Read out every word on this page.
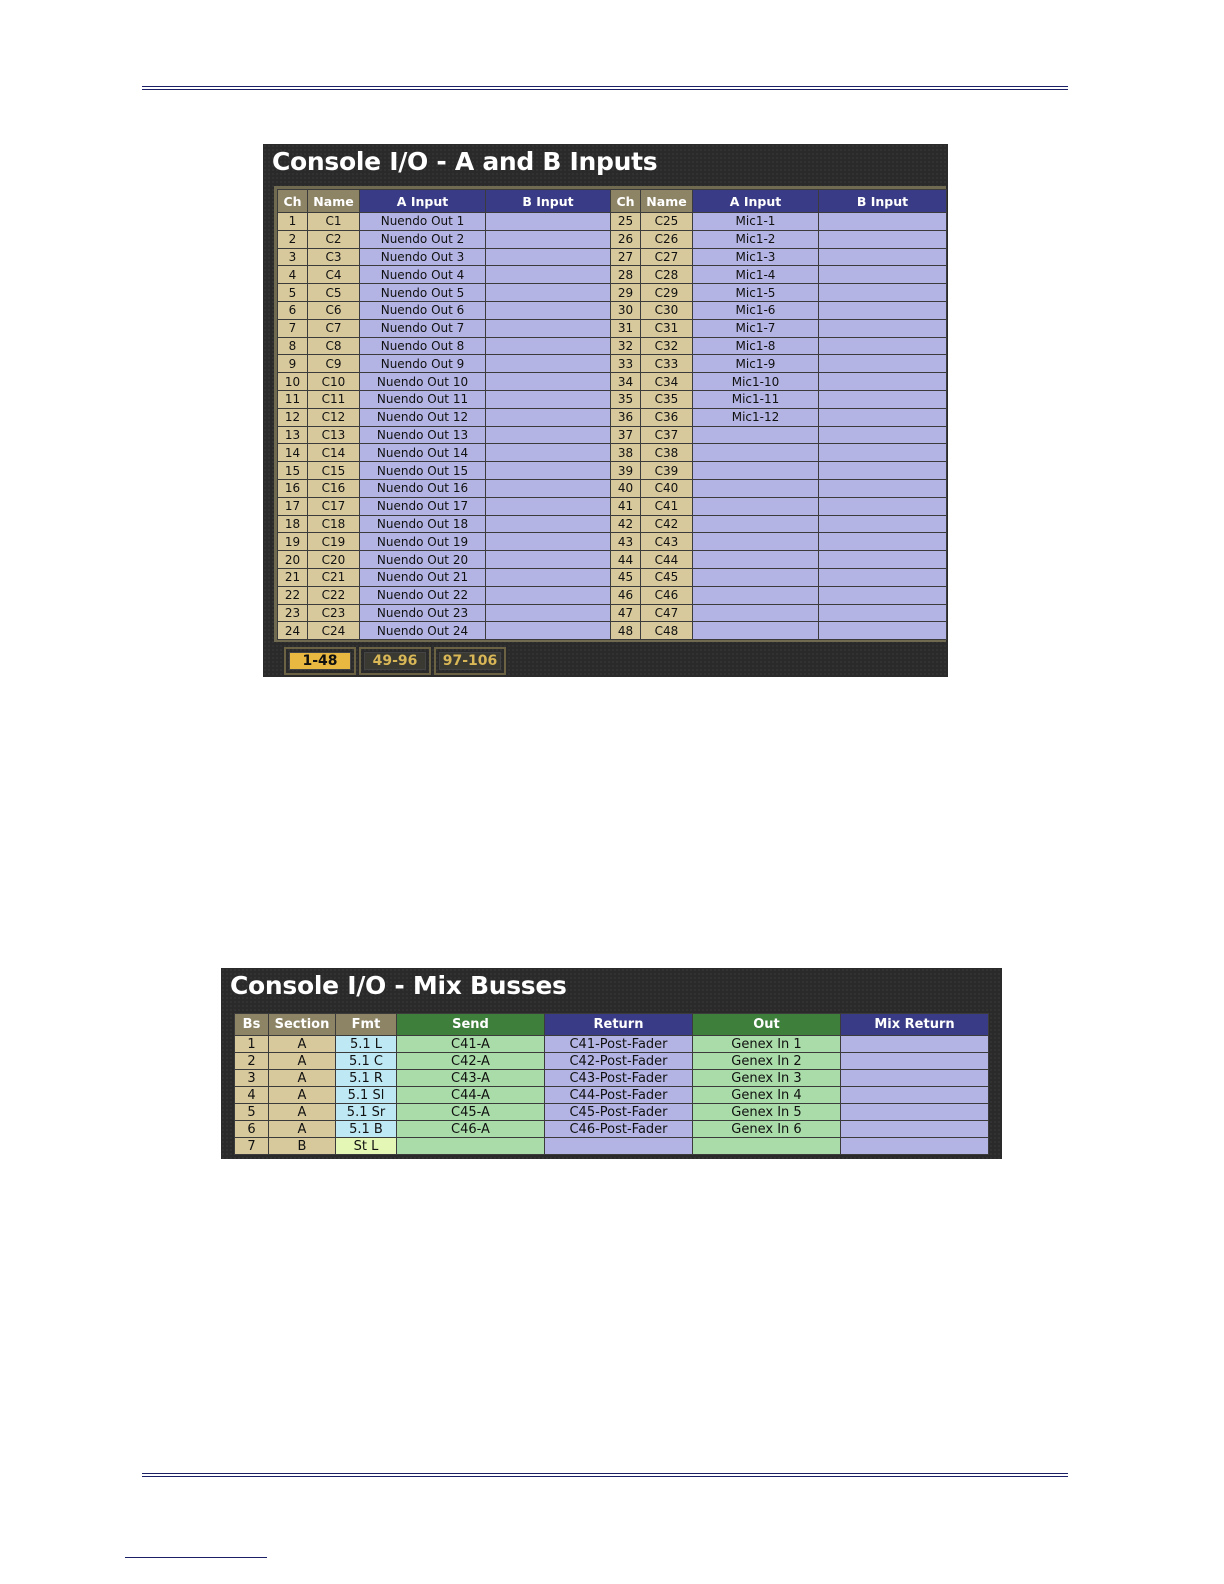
Console I/O - A and B Inputs
Ch	Name	A Input	B Input	Ch	Name	A Input	B Input
1	C1	Nuendo Out 1		25	C25	Mic1-1	
2	C2	Nuendo Out 2		26	C26	Mic1-2	
3	C3	Nuendo Out 3		27	C27	Mic1-3	
4	C4	Nuendo Out 4		28	C28	Mic1-4	
5	C5	Nuendo Out 5		29	C29	Mic1-5	
6	C6	Nuendo Out 6		30	C30	Mic1-6	
7	C7	Nuendo Out 7		31	C31	Mic1-7	
8	C8	Nuendo Out 8		32	C32	Mic1-8	
9	C9	Nuendo Out 9		33	C33	Mic1-9	
10	C10	Nuendo Out 10		34	C34	Mic1-10	
11	C11	Nuendo Out 11		35	C35	Mic1-11	
12	C12	Nuendo Out 12		36	C36	Mic1-12	
13	C13	Nuendo Out 13		37	C37		
14	C14	Nuendo Out 14		38	C38		
15	C15	Nuendo Out 15		39	C39		
16	C16	Nuendo Out 16		40	C40		
17	C17	Nuendo Out 17		41	C41		
18	C18	Nuendo Out 18		42	C42		
19	C19	Nuendo Out 19		43	C43		
20	C20	Nuendo Out 20		44	C44		
21	C21	Nuendo Out 21		45	C45		
22	C22	Nuendo Out 22		46	C46		
23	C23	Nuendo Out 23		47	C47		
24	C24	Nuendo Out 24		48	C48		
1-48	49-96	97-106
Console I/O - Mix Busses
Bs	Section	Fmt	Send	Return	Out	Mix Return
1	A	5.1 L	C41-A	C41-Post-Fader	Genex In 1	
2	A	5.1 C	C42-A	C42-Post-Fader	Genex In 2	
3	A	5.1 R	C43-A	C43-Post-Fader	Genex In 3	
4	A	5.1 Sl	C44-A	C44-Post-Fader	Genex In 4	
5	A	5.1 Sr	C45-A	C45-Post-Fader	Genex In 5	
6	A	5.1 B	C46-A	C46-Post-Fader	Genex In 6	
7	B	St L				
